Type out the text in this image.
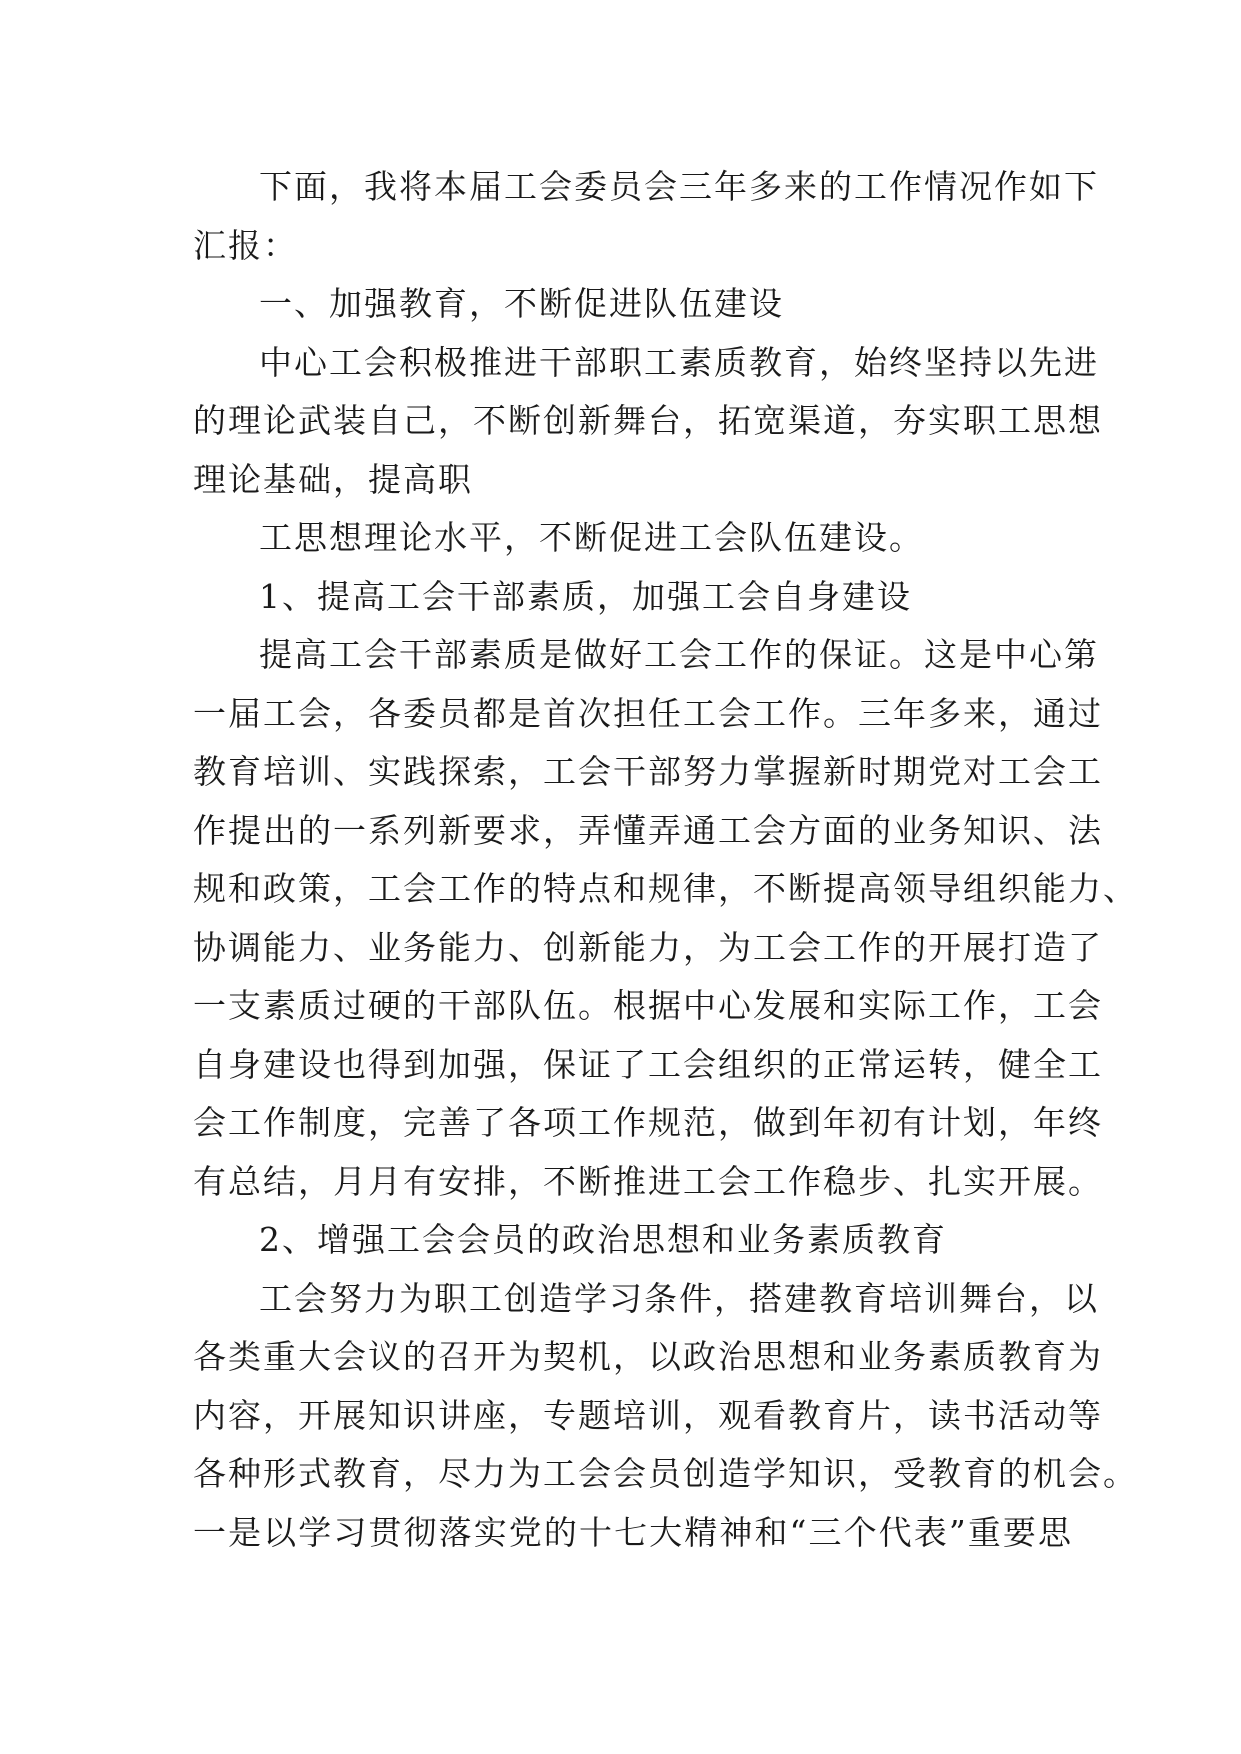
下面，我将本届工会委员会三年多来的工作情况作如下
汇报：
一、加强教育，不断促进队伍建设
中心工会积极推进干部职工素质教育，始终坚持以先进
的理论武装自己，不断创新舞台，拓宽渠道，夯实职工思想
理论基础，提高职
工思想理论水平，不断促进工会队伍建设。
1、提高工会干部素质，加强工会自身建设
提高工会干部素质是做好工会工作的保证。这是中心第
一届工会，各委员都是首次担任工会工作。三年多来，通过
教育培训、实践探索，工会干部努力掌握新时期党对工会工
作提出的一系列新要求，弄懂弄通工会方面的业务知识、法
规和政策，工会工作的特点和规律，不断提高领导组织能力、
协调能力、业务能力、创新能力，为工会工作的开展打造了
一支素质过硬的干部队伍。根据中心发展和实际工作，工会
自身建设也得到加强，保证了工会组织的正常运转，健全工
会工作制度，完善了各项工作规范，做到年初有计划，年终
有总结，月月有安排，不断推进工会工作稳步、扎实开展。
2、增强工会会员的政治思想和业务素质教育
工会努力为职工创造学习条件，搭建教育培训舞台，以
各类重大会议的召开为契机，以政治思想和业务素质教育为
内容，开展知识讲座，专题培训，观看教育片，读书活动等
各种形式教育，尽力为工会会员创造学知识，受教育的机会。
一是以学习贯彻落实党的十七大精神和“三个代表”重要思
